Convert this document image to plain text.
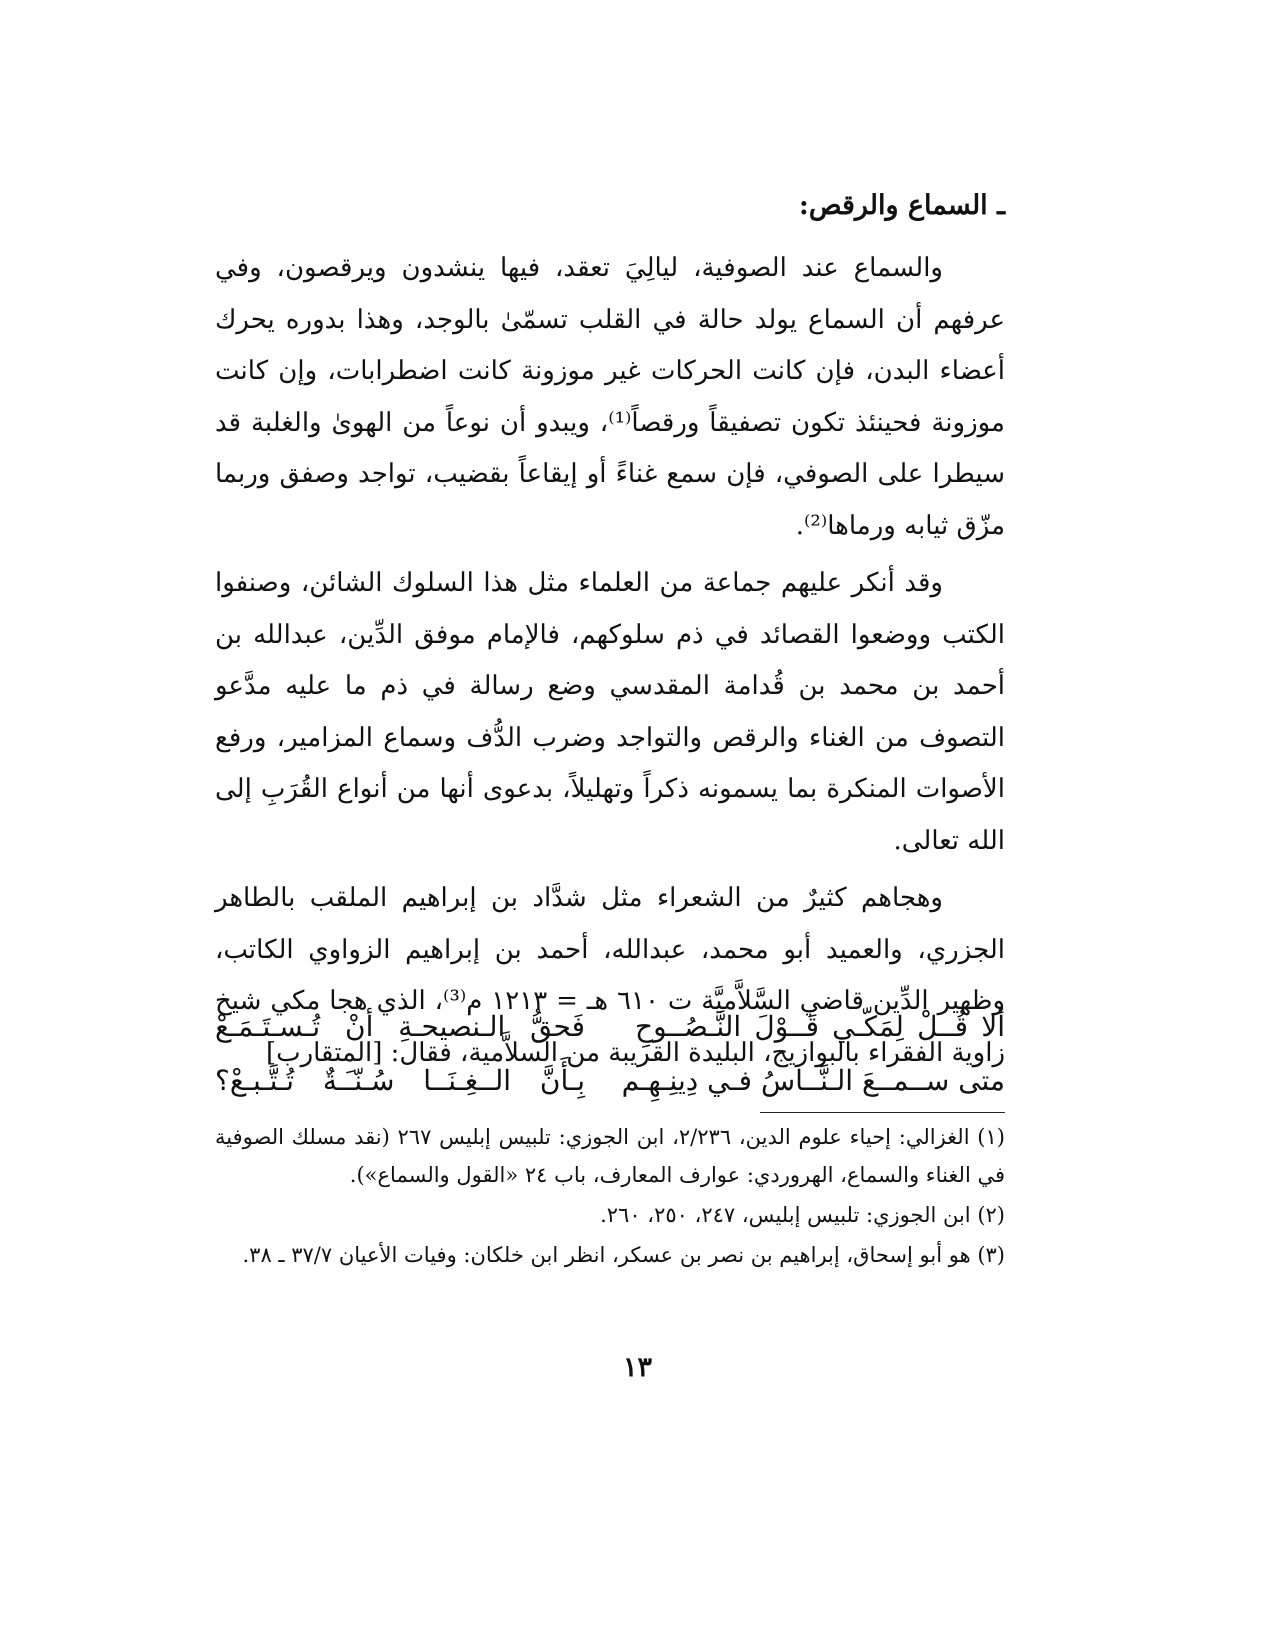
ـ السماع والرقص:

والسماع عند الصوفية، ليالِيَ تعقد، فيها ينشدون ويرقصون، وفي عرفهم أن السماع يولد حالة في القلب تسمّىٰ بالوجد، وهذا بدوره يحرك أعضاء البدن، فإن كانت الحركات غير موزونة كانت اضطرابات، وإن كانت موزونة فحينئذ تكون تصفيقاً ورقصاً⁽¹⁾، ويبدو أن نوعاً من الهوىٰ والغلبة قد سيطرا على الصوفي، فإن سمع غناءً أو إيقاعاً بقضيب، تواجد وصفق وربما مزّق ثيابه ورماها⁽²⁾.

وقد أنكر عليهم جماعة من العلماء مثل هذا السلوك الشائن، وصنفوا الكتب ووضعوا القصائد في ذم سلوكهم، فالإمام موفق الدِّين، عبدالله بن أحمد بن محمد بن قُدامة المقدسي وضع رسالة في ذم ما عليه مدَّعو التصوف من الغناء والرقص والتواجد وضرب الدُّف وسماع المزامير، ورفع الأصوات المنكرة بما يسمونه ذكراً وتهليلاً، بدعوى أنها من أنواع القُرَبِ إلى الله تعالى.

وهجاهم كثيرٌ من الشعراء مثل شدَّاد بن إبراهيم الملقب بالطاهر الجزري، والعميد أبو محمد، عبدالله، أحمد بن إبراهيم الزواوي الكاتب، وظهير الدِّين قاضي السَّلاَّميَّة ت ٦١٠ هـ = ١٢١٣ م⁽³⁾، الذي هجا مكي شيخ زاوية الفقراء بالبوازيج، البليدة القريبة من السلاَّمية، فقال: [المتقارب]

ألا قُــلْ لِمَكّـي قَــوْلَ النَّـصُــوحِ
فَحقُّ الـنصيحـةِ أنْ تُـسـتَـمَـعْ
متى ســمــعَ الـنَّــاسُ فـي دِينِـهِـم
بِـأَنَّ الــغِـنَــا سُـنّـَـةٌ تُـتَّـبـعْ؟

(١) الغزالي: إحياء علوم الدين، ٢/٢٣٦، ابن الجوزي: تلبيس إبليس ٢٦٧ (نقد مسلك الصوفية في الغناء والسماع، الهروردي: عوارف المعارف، باب ٢٤ «القول والسماع»).

(٢) ابن الجوزي: تلبيس إبليس، ٢٤٧، ٢٥٠، ٢٦٠.

(٣) هو أبو إسحاق، إبراهيم بن نصر بن عسكر، انظر ابن خلكان: وفيات الأعيان ٣٧/٧ ـ ٣٨.

١٣
